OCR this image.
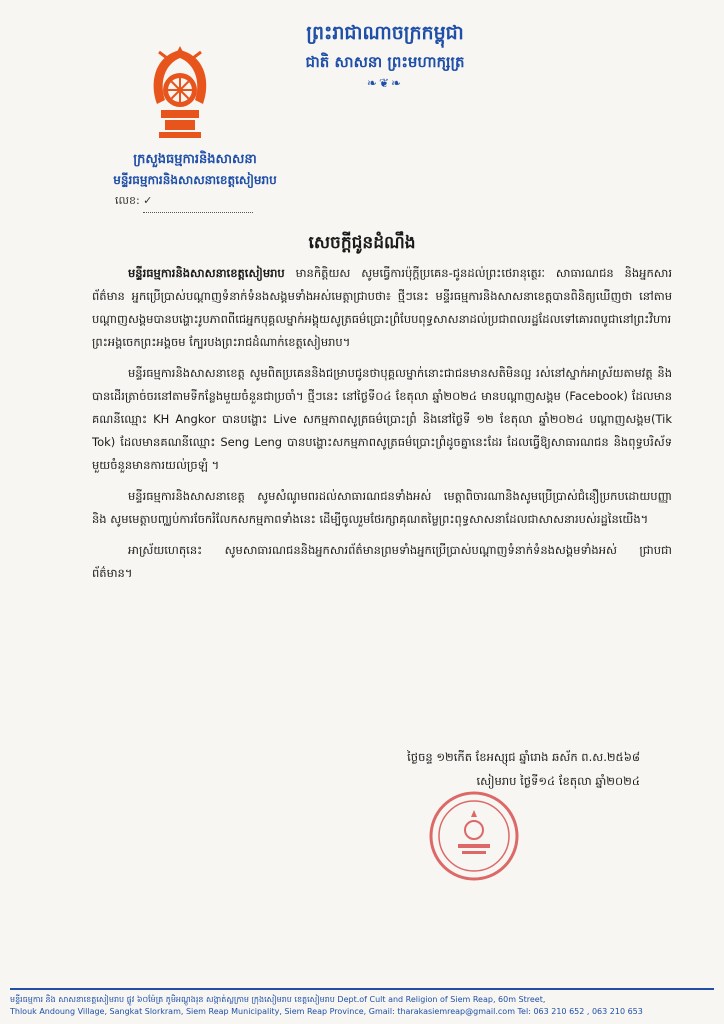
ព្រះរាជាណាចក្រកម្ពុជា
ជាតិ សាសនា ព្រះមហាក្សត្រ
❧❦❧
ក្រសួងធម្មការនិងសាសនា
មន្ទីរធម្មការនិងសាសនាខេត្តសៀមរាប
លេខ: ✓
សេចក្តីជូនដំណឹង

មន្ទីរធម្មការនិងសាសនាខេត្តសៀមរាប មានកិត្តិយស សូមធ្វើការប៉ុក្តីប្រគេន-ជូនដល់ព្រះថេរានុត្ថេរៈ សាធារណជន និងអ្នកសារព័ត៌មាន អ្នកប្រើប្រាស់បណ្តាញទំនាក់ទំនងសង្គមទាំងអស់មេត្តាជ្រាបថា៖ ថ្មីៗនេះ មន្ទីរធម្មការនិងសាសនាខេត្តបានពិនិត្យឃើញថា នៅតាមបណ្តាញសង្គមបានបង្ហោះរូបភាពពីជេអ្នកបុគ្គលម្នាក់អង្គុយសូត្រធម៌ប្រោះព្រំបែបពុទ្ធសាសនាដល់ប្រជាពលរដ្ឋដែលទៅគោរពបូជានៅព្រះវិហារព្រះអង្គចេកព្រះអង្គចម ក្បែរបងព្រះរាជដំណាក់ខេត្តសៀមរាប។

មន្ទីរធម្មការនិងសាសនាខេត្ត សូមពិតប្រគេននិងជម្រាបជូនថាបុគ្គលម្នាក់នោះជាជនមានសតិមិនល្អ រស់នៅស្នាក់អាស្រ័យតាមវត្ត និងបានដើរត្រាច់ចរនៅតាមទីកន្លែងមួយចំនួនជាប្រចាំ។ ថ្មីៗនេះ នៅថ្ងៃទី០៤ ខែតុលា ឆ្នាំ២០២៤ មានបណ្តាញសង្គម (Facebook) ដែលមានគណនីឈ្មោះ KH Angkor បានបង្ហោះ Live សកម្មភាពសូត្រធម៌ប្រោះព្រំ និងនៅថ្ងៃទី ១២ ខែតុលា ឆ្នាំ២០២៤ បណ្តាញសង្គម(Tik Tok) ដែលមានគណនីឈ្មោះ Seng Leng បានបង្ហោះសកម្មភាពសូត្រធម៌ប្រោះព្រំដូចគ្នានេះដែរ ដែលធ្វើឱ្យសាធារណជន និងពុទ្ធបរិស័ទមួយចំនួនមានការយល់ច្រឡំ ។

មន្ទីរធម្មការនិងសាសនាខេត្ត សូមសំណូមពរដល់សាធារណជនទាំងអស់ មេត្តាពិចារណានិងសូមប្រើប្រាស់ជំនឿប្រកបដោយបញ្ញា និង សូមមេត្តាបញ្ឈប់ការចែករំលែកសកម្មភាពទាំងនេះ ដើម្បីចូលរួមថែរក្សាគុណតម្លៃព្រះពុទ្ធសាសនាដែលជាសាសនារបស់រដ្ឋនៃយើង។

អាស្រ័យហេតុនេះ សូមសាធារណជននិងអ្នកសារព័ត៌មានព្រមទាំងអ្នកប្រើប្រាស់បណ្តាញទំនាក់ទំនងសង្គមទាំងអស់ ជ្រាបជាព័ត៌មាន។

ថ្ងៃចន្ទ ១២កើត ខែអស្សុជ ឆ្នាំរោង ឆស័ក ព.ស.២៥៦៨
សៀមរាប ថ្ងៃទី១៤ ខែតុលា ឆ្នាំ២០២៤
មន្ទីរធម្មការ និង សាសនាខេត្តសៀមរាប ផ្លូវ ៦០ម៉ែត្រ ភូមិអណ្តូងរុន សង្កាត់ស្លក្រាម ក្រុងសៀមរាប ខេត្តសៀមរាប Dept.of Cult and Religion of Siem Reap, 60m Street,
Thlouk Andoung Village, Sangkat Slorkram, Siem Reap Municipality, Siem Reap Province, Gmail: tharakasiemreap@gmail.com Tel: 063 210 652 , 063 210 653
